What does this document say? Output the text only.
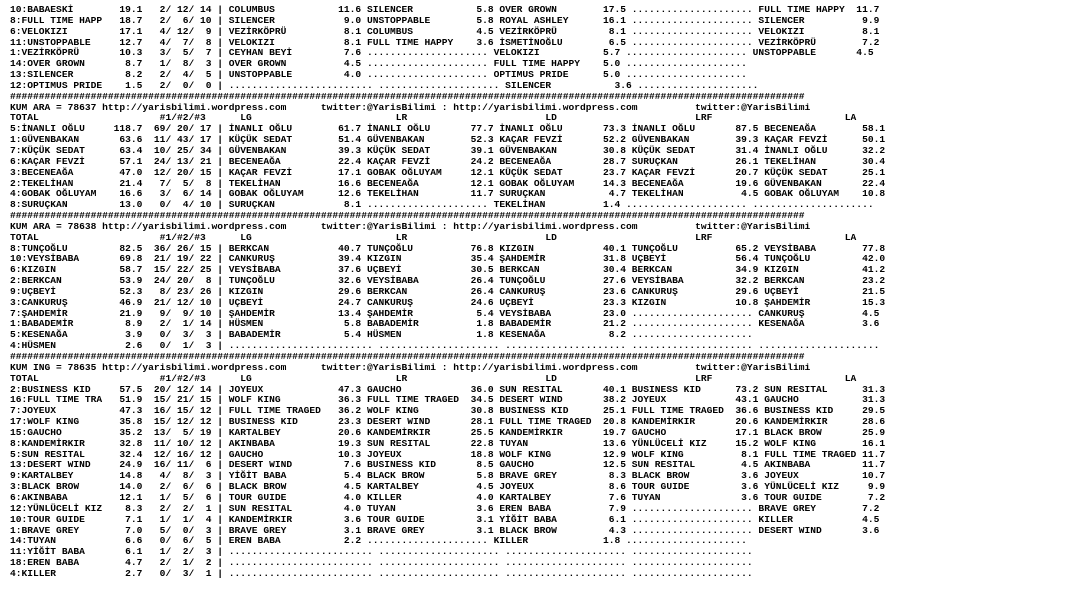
10:BABAESKİ        19.1   2/ 12/ 14 | COLUMBUS           11.6 SILENCER           5.8 OVER GROWN        17.5 ..................... FULL TIME HAPPY  11.7
8:FULL TIME HAPP   18.7   2/  6/ 10 | SILENCER            9.0 UNSTOPPABLE        5.8 ROYAL ASHLEY      16.1 ..................... SILENCER          9.9
6:VELOKIZI         17.1   4/ 12/  9 | VEZİRKÖPRÜ          8.1 COLUMBUS           4.5 VEZİRKÖPRÜ         8.1 ..................... VELOKIZI          8.1
11:UNSTOPPABLE     12.7   4/  7/  8 | VELOKIZI            8.1 FULL TIME HAPPY    3.6 İSMETİNOĞLU        6.5 ..................... VEZİRKÖPRÜ        7.2
1:VEZİRKÖPRÜ       10.3   3/  5/  7 | CEYHAN BEYİ         7.6 ..................... VELOKIZI           5.7 ..................... UNSTOPPABLE       4.5
14:OVER GROWN       8.7   1/  8/  3 | OVER GROWN          4.5 ..................... FULL TIME HAPPY    5.0 .....................
13:SILENCER         8.2   2/  4/  5 | UNSTOPPABLE         4.0 ..................... OPTIMUS PRIDE      5.0 .....................
12:OPTIMUS PRIDE    1.5   2/  0/  0 | ......................... ..................... SILENCER           3.6 .....................
##########################################################################################################################################
KUM ARA = 78637 http://yarisbilimi.wordpress.com      twitter:@YarisBilimi : http://yarisbilimi.wordpress.com          twitter:@YarisBilimi
TOTAL                     #1/#2/#3      LG                         LR                        LD                        LRF                       LA
5:İNANLI OĞLU     118.7  69/ 20/ 17 | İNANLI OĞLU        61.7 İNANLI OĞLU       77.7 İNANLI OĞLU       73.3 İNANLI OĞLU       87.5 BECENEAĞA        58.1
1:GÜVENBAKAN       63.6  11/ 43/ 17 | KÜÇÜK SEDAT        51.4 GÜVENBAKAN        52.3 KAÇAR FEVZİ       52.2 GÜVENBAKAN        39.3 KAÇAR FEVZİ      50.1
7:KÜÇÜK SEDAT      63.4  10/ 25/ 34 | GÜVENBAKAN         39.3 KÜÇÜK SEDAT       39.1 GÜVENBAKAN        30.8 KÜÇÜK SEDAT       31.4 İNANLI OĞLU      32.2
6:KAÇAR FEVZİ      57.1  24/ 13/ 21 | BECENEAĞA          22.4 KAÇAR FEVZİ       24.2 BECENEAĞA         28.7 SURUÇKAN          26.1 TEKELİHAN        30.4
3:BECENEAĞA        47.0  12/ 20/ 15 | KAÇAR FEVZİ        17.1 GOBAK OĞLUYAM     12.1 KÜÇÜK SEDAT       23.7 KAÇAR FEVZİ       20.7 KÜÇÜK SEDAT      25.1
2:TEKELİHAN        21.4   7/  5/  8 | TEKELİHAN          16.6 BECENEAĞA         12.1 GOBAK OĞLUYAM     14.3 BECENEAĞA         19.6 GÜVENBAKAN       22.4
4:GOBAK OĞLUYAM    16.6   3/  6/ 14 | GOBAK OĞLUYAM      12.6 TEKELİHAN         11.7 SURUÇKAN           4.7 TEKELİHAN          4.5 GOBAK OĞLUYAM    10.8
8:SURUÇKAN         13.0   0/  4/ 10 | SURUÇKAN            8.1 ..................... TEKELİHAN          1.4 ..................... .....................
##########################################################################################################################################
KUM ARA = 78638 http://yarisbilimi.wordpress.com      twitter:@YarisBilimi : http://yarisbilimi.wordpress.com          twitter:@YarisBilimi
TOTAL                     #1/#2/#3      LG                         LR                        LD                        LRF                       LA
8:TUNÇOĞLU         82.5  36/ 26/ 15 | BERKCAN            40.7 TUNÇOĞLU          76.8 KIZGIN            40.1 TUNÇOĞLU          65.2 VEYSİBABA        77.8
10:VEYSİBABA       69.8  21/ 19/ 22 | CANKURUŞ           39.4 KIZGIN            35.4 ŞAHDEMİR          31.8 UÇBEYİ            56.4 TUNÇOĞLU         42.0
6:KIZGIN           58.7  15/ 22/ 25 | VEYSİBABA          37.6 UÇBEYİ            30.5 BERKCAN           30.4 BERKCAN           34.9 KIZGIN           41.2
2:BERKCAN          53.9  24/ 20/  8 | TUNÇOĞLU           32.6 VEYSİBABA         26.4 TUNÇOĞLU          27.6 VEYSİBABA         32.2 BERKCAN          23.2
9:UÇBEYİ           52.3   8/ 23/ 26 | KIZGIN             29.6 BERKCAN           26.4 CANKURUŞ          23.6 CANKURUŞ          29.6 UÇBEYİ           21.5
3:CANKURUŞ         46.9  21/ 12/ 10 | UÇBEYİ             24.7 CANKURUŞ          24.6 UÇBEYİ            23.3 KIZGIN            10.8 ŞAHDEMİR         15.3
7:ŞAHDEMİR         21.9   9/  9/ 10 | ŞAHDEMİR           13.4 ŞAHDEMİR           5.4 VEYSİBABA         23.0 ..................... CANKURUŞ          4.5
1:BABADEMİR         8.9   2/  1/ 14 | HÜSMEN              5.8 BABADEMİR          1.8 BABADEMİR         21.2 ..................... KESENAĞA          3.6
5:KESENAĞA          3.9   0/  3/  3 | BABADEMİR           5.4 HÜSMEN             1.8 KESENAĞA           8.2 .....................
4:HÜSMEN            2.6   0/  1/  3 | ......................... ..................... ..................... ..................... .....................
##########################################################################################################################################
KUM ING = 78635 http://yarisbilimi.wordpress.com      twitter:@YarisBilimi : http://yarisbilimi.wordpress.com          twitter:@YarisBilimi
TOTAL                     #1/#2/#3      LG                         LR                        LD                        LRF                       LA
2:BUSINESS KID     57.5  20/ 12/ 14 | JOYEUX             47.3 GAUCHO            36.0 SUN RESITAL       40.1 BUSINESS KID      73.2 SUN RESITAL      31.3
16:FULL TIME TRA   51.9  15/ 21/ 15 | WOLF KING          36.3 FULL TIME TRAGED  34.5 DESERT WIND       38.2 JOYEUX            43.1 GAUCHO           31.3
7:JOYEUX           47.3  16/ 15/ 12 | FULL TIME TRAGED   36.2 WOLF KING         30.8 BUSINESS KID      25.1 FULL TIME TRAGED  36.6 BUSINESS KID     29.5
17:WOLF KING       35.8  15/ 12/ 12 | BUSINESS KID       23.3 DESERT WIND       28.1 FULL TIME TRAGED  20.8 KANDEMİRKIR       20.6 KANDEMİRKIR      28.6
15:GAUCHO          35.2  13/  5/ 19 | KARTALBEY          20.6 KANDEMİRKIR       25.5 KANDEMİRKIR       19.7 GAUCHO            17.1 BLACK BROW       25.9
8:KANDEMİRKIR      32.8  11/ 10/ 12 | AKINBABA           19.3 SUN RESITAL       22.8 TUYAN             13.6 YÜNLÜCELİ KIZ     15.2 WOLF KING        16.1
5:SUN RESITAL      32.4  12/ 16/ 12 | GAUCHO             10.3 JOYEUX            18.8 WOLF KING         12.9 WOLF KING          8.1 FULL TIME TRAGED 11.7
13:DESERT WIND     24.9  16/ 11/  6 | DESERT WIND         7.6 BUSINESS KID       8.5 GAUCHO            12.5 SUN RESITAL        4.5 AKINBABA         11.7
9:KARTALBEY        14.8   4/  8/  3 | YİĞİT BABA          5.4 BLACK BROW         5.8 BRAVE GREY         8.3 BLACK BROW         3.6 JOYEUX           10.7
3:BLACK BROW       14.0   2/  6/  6 | BLACK BROW          4.5 KARTALBEY          4.5 JOYEUX             8.6 TOUR GUIDE         3.6 YÜNLÜCELİ KIZ     9.9
6:AKINBABA         12.1   1/  5/  6 | TOUR GUIDE          4.0 KILLER             4.0 KARTALBEY          7.6 TUYAN              3.6 TOUR GUIDE        7.2
12:YÜNLÜCELİ KIZ    8.3   2/  2/  1 | SUN RESITAL         4.0 TUYAN              3.6 EREN BABA          7.9 ..................... BRAVE GREY        7.2
10:TOUR GUIDE       7.1   1/  1/  4 | KANDEMİRKIR         3.6 TOUR GUIDE         3.1 YİĞİT BABA         6.1 ..................... KILLER            4.5
1:BRAVE GREY        7.0   5/  0/  3 | BRAVE GREY          3.1 BRAVE GREY         3.1 BLACK BROW         4.3 ..................... DESERT WIND       3.6
14:TUYAN            6.6   0/  6/  5 | EREN BABA           2.2 ..................... KILLER             1.8 .....................
11:YİĞİT BABA       6.1   1/  2/  3 | ......................... ..................... ..................... .....................
18:EREN BABA        4.7   2/  1/  2 | ......................... ..................... ..................... .....................
4:KILLER            2.7   0/  3/  1 | ......................... ..................... ..................... .....................
